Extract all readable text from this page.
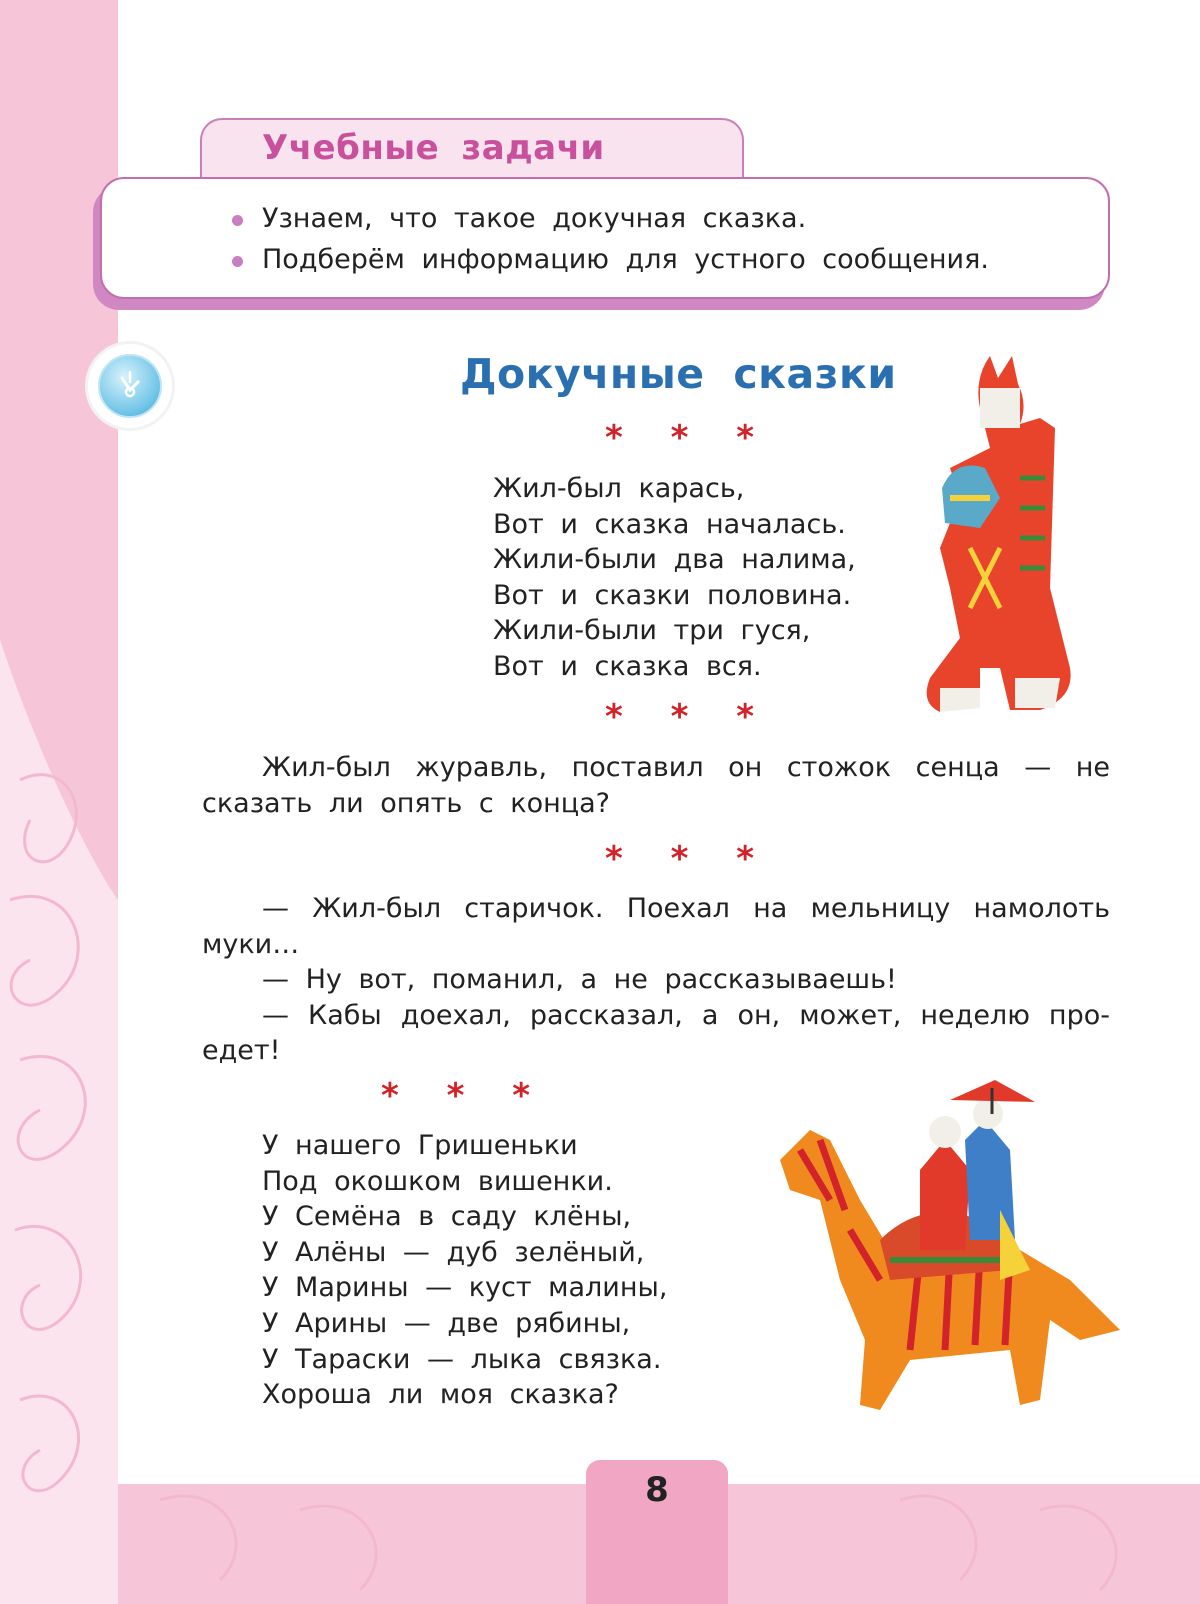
Учебные задачи
Узнаем, что такое докучная сказка.
Подберём информацию для устного сообщения.
Докучные сказки
* * *
Жил-был карась,
Вот и сказка началась.
Жили-были два налима,
Вот и сказки половина.
Жили-были три гуся,
Вот и сказка вся.
* * *
Жил-был журавль, поставил он стожок сенца — не
сказать ли опять с конца?
* * *
— Жил-был старичок. Поехал на мельницу намолоть
муки…
— Ну вот, поманил, а не рассказываешь!
— Кабы доехал, рассказал, а он, может, неделю про-
едет!
* * *
У нашего Гришеньки
Под окошком вишенки.
У Семёна в саду клёны,
У Алёны — дуб зелёный,
У Марины — куст малины,
У Арины — две рябины,
У Тараски — лыка связка.
Хороша ли моя сказка?
8
